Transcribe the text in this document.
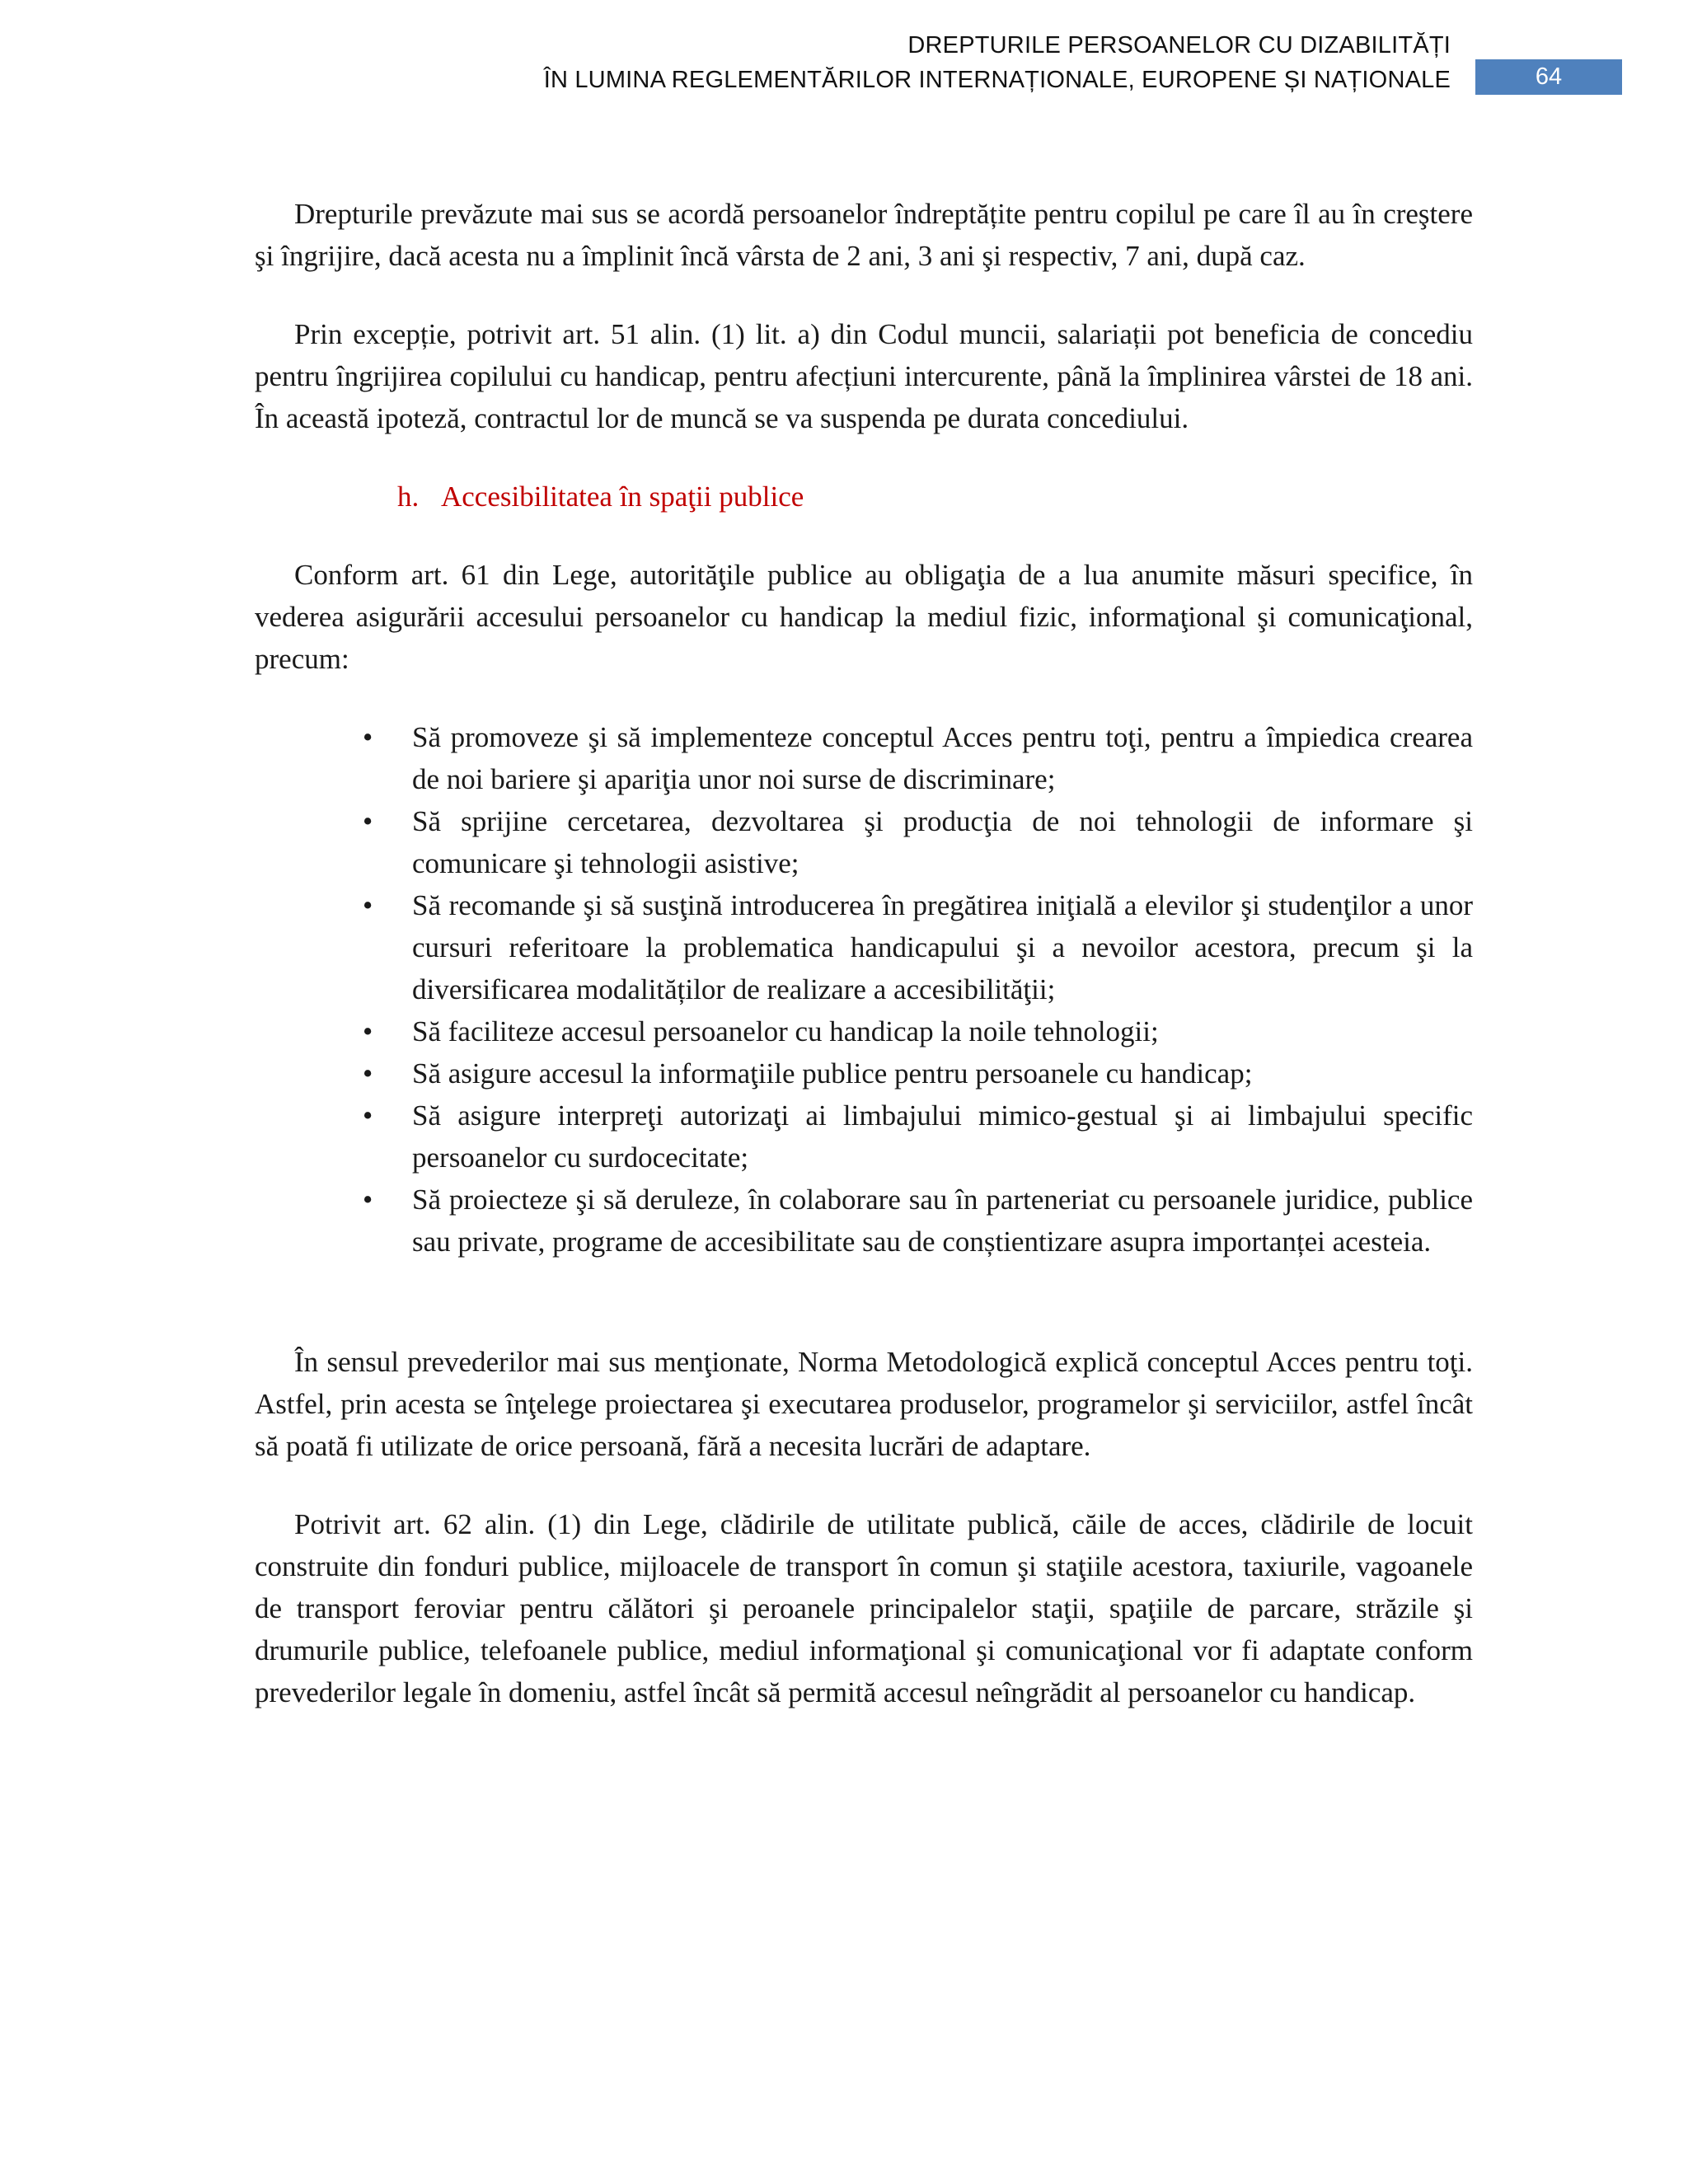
DREPTURILE PERSOANELOR CU DIZABILITĂȚI
ÎN LUMINA REGLEMENTĂRILOR INTERNAȚIONALE, EUROPENE ȘI NAȚIONALE	64

Drepturile prevăzute mai sus se acordă persoanelor îndreptățite pentru copilul pe care îl au în creştere şi îngrijire, dacă acesta nu a împlinit încă vârsta de 2 ani, 3 ani şi respectiv, 7 ani, după caz.

Prin excepție, potrivit art. 51 alin. (1) lit. a) din Codul muncii, salariații pot beneficia de concediu pentru îngrijirea copilului cu handicap, pentru afecțiuni intercurente, până la împlinirea vârstei de 18 ani. În această ipoteză, contractul lor de muncă se va suspenda pe durata concediului.

h. Accesibilitatea în spaţii publice

Conform art. 61 din Lege, autorităţile publice au obligaţia de a lua anumite măsuri specifice, în vederea asigurării accesului persoanelor cu handicap la mediul fizic, informaţional şi comunicaţional, precum:

• Să promoveze şi să implementeze conceptul Acces pentru toţi, pentru a împiedica crearea de noi bariere şi apariţia unor noi surse de discriminare;
• Să sprijine cercetarea, dezvoltarea şi producţia de noi tehnologii de informare şi comunicare şi tehnologii asistive;
• Să recomande şi să susţină introducerea în pregătirea iniţială a elevilor şi studenţilor a unor cursuri referitoare la problematica handicapului şi a nevoilor acestora, precum şi la diversificarea modalităților de realizare a accesibilităţii;
• Să faciliteze accesul persoanelor cu handicap la noile tehnologii;
• Să asigure accesul la informaţiile publice pentru persoanele cu handicap;
• Să asigure interpreţi autorizaţi ai limbajului mimico-gestual şi ai limbajului specific persoanelor cu surdocecitate;
• Să proiecteze şi să deruleze, în colaborare sau în parteneriat cu persoanele juridice, publice sau private, programe de accesibilitate sau de conștientizare asupra importanței acesteia.

În sensul prevederilor mai sus menţionate, Norma Metodologică explică conceptul Acces pentru toţi. Astfel, prin acesta se înţelege proiectarea şi executarea produselor, programelor şi serviciilor, astfel încât să poată fi utilizate de orice persoană, fără a necesita lucrări de adaptare.

Potrivit art. 62 alin. (1) din Lege, clădirile de utilitate publică, căile de acces, clădirile de locuit construite din fonduri publice, mijloacele de transport în comun şi staţiile acestora, taxiurile, vagoanele de transport feroviar pentru călători şi peroanele principalelor staţii, spaţiile de parcare, străzile şi drumurile publice, telefoanele publice, mediul informaţional şi comunicaţional vor fi adaptate conform prevederilor legale în domeniu, astfel încât să permită accesul neîngrădit al persoanelor cu handicap.
